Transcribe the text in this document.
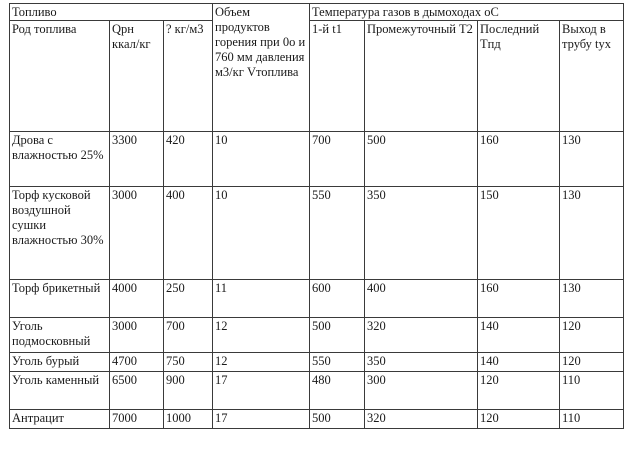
Топливо			Объем продуктов горения при 0о и 760 мм давления м3/кг Vтоплива	Температура газов в дымоходах оС			
Род топлива	Qрн ккал/кг	? кг/м3		1-й t1	Промежуточный T2	Последний Tпд	Выход в трубу tух
Дрова с влажностью 25%	3300	420	10	700	500	160	130
Торф кусковой воздушной сушки влажностью 30%	3000	400	10	550	350	150	130
Торф брикетный	4000	250	11	600	400	160	130
Уголь подмосковный	3000	700	12	500	320	140	120
Уголь бурый	4700	750	12	550	350	140	120
Уголь каменный	6500	900	17	480	300	120	110
Антрацит	7000	1000	17	500	320	120	110
